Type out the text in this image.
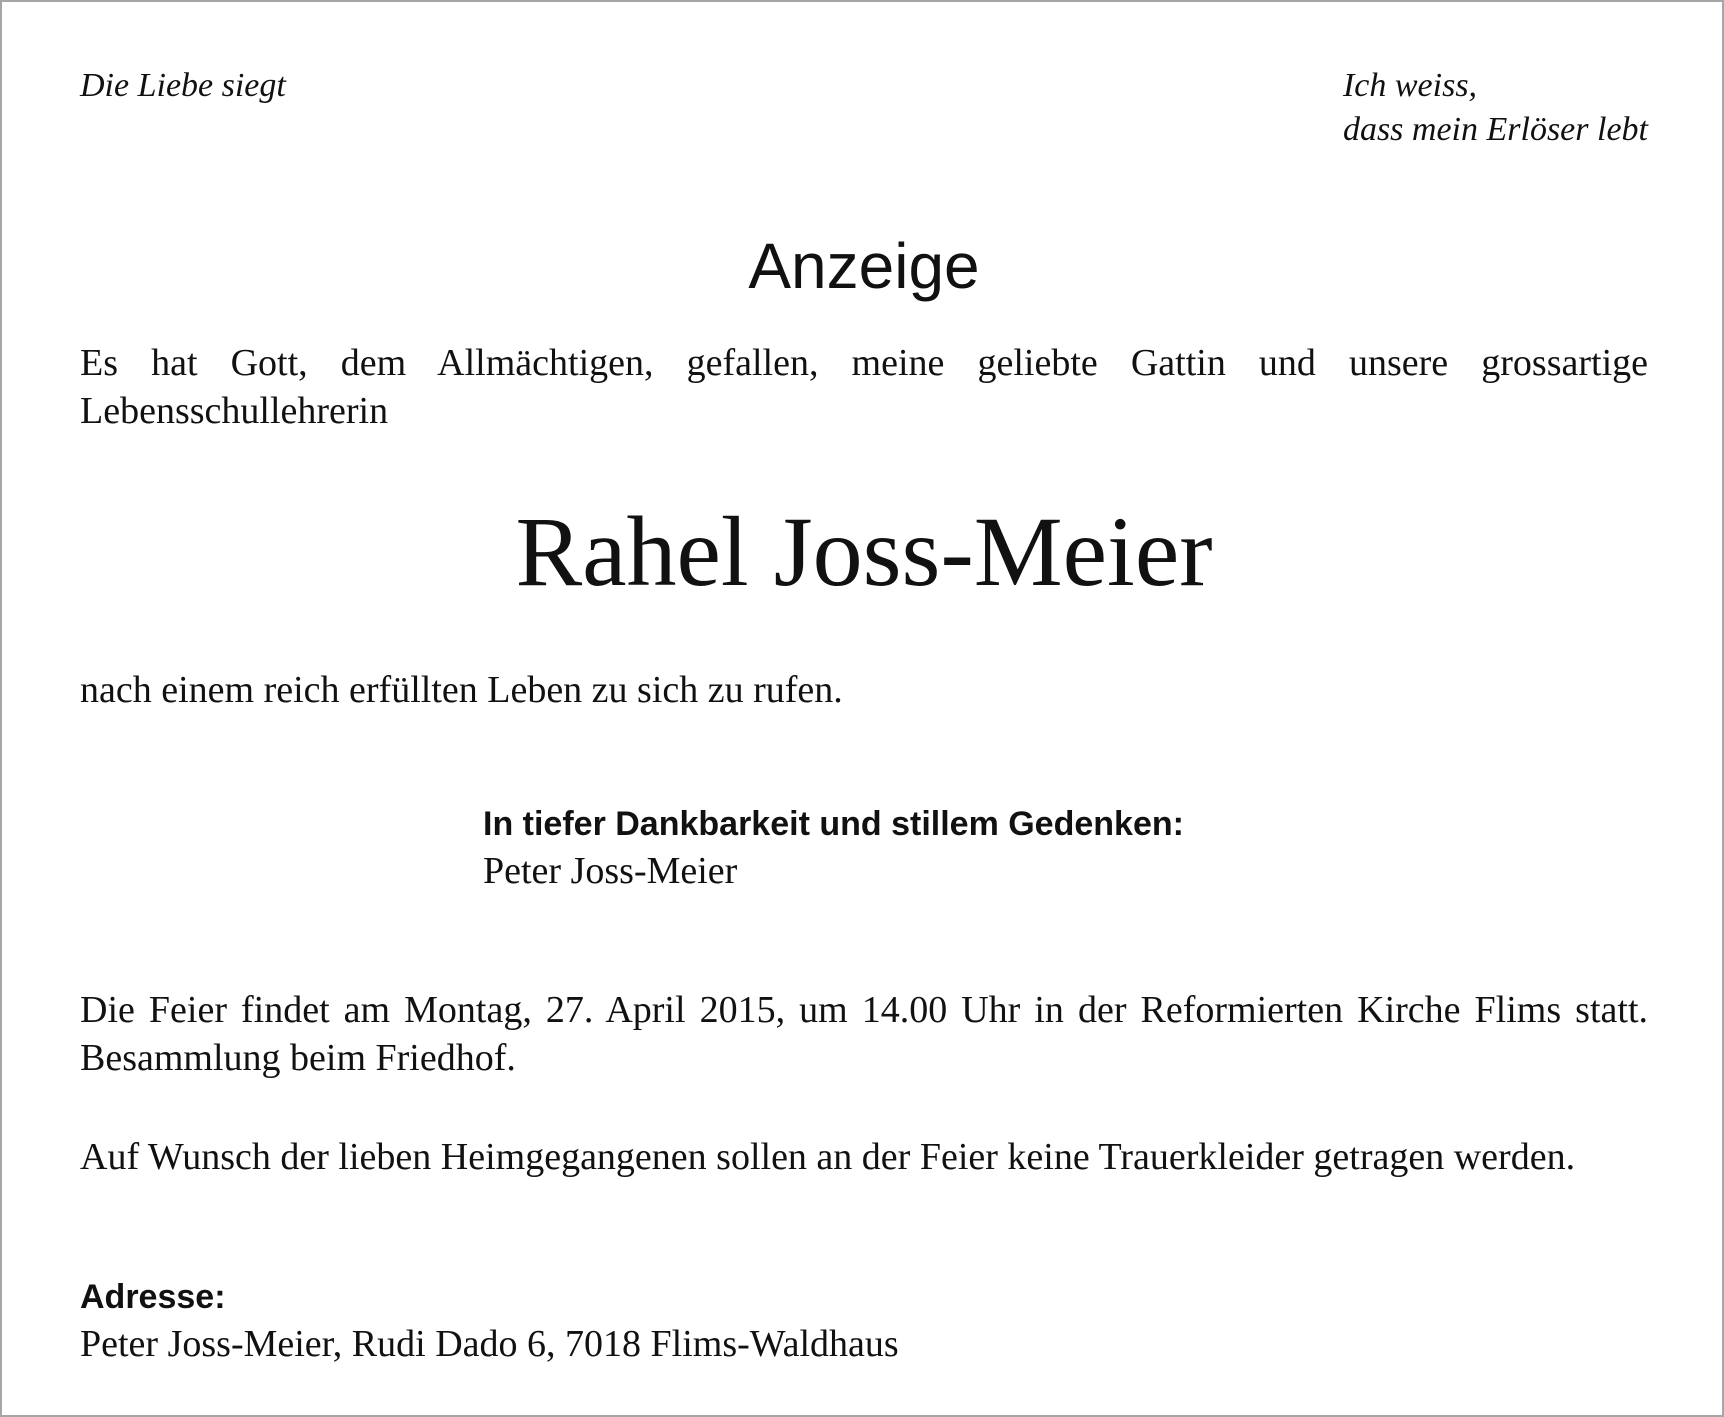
Die Liebe siegt	Ich weiss,
dass mein Erlöser lebt
Anzeige
Es hat Gott, dem Allmächtigen, gefallen, meine geliebte Gattin und unsere grossartige Lebensschullehrerin
Rahel Joss-Meier
nach einem reich erfüllten Leben zu sich zu rufen.
In tiefer Dankbarkeit und stillem Gedenken:
Peter Joss-Meier
Die Feier findet am Montag, 27. April 2015, um 14.00 Uhr in der Reformierten Kirche Flims statt. Besammlung beim Friedhof.
Auf Wunsch der lieben Heimgegangenen sollen an der Feier keine Trauerkleider getragen werden.
Adresse:
Peter Joss-Meier, Rudi Dado 6, 7018 Flims-Waldhaus
